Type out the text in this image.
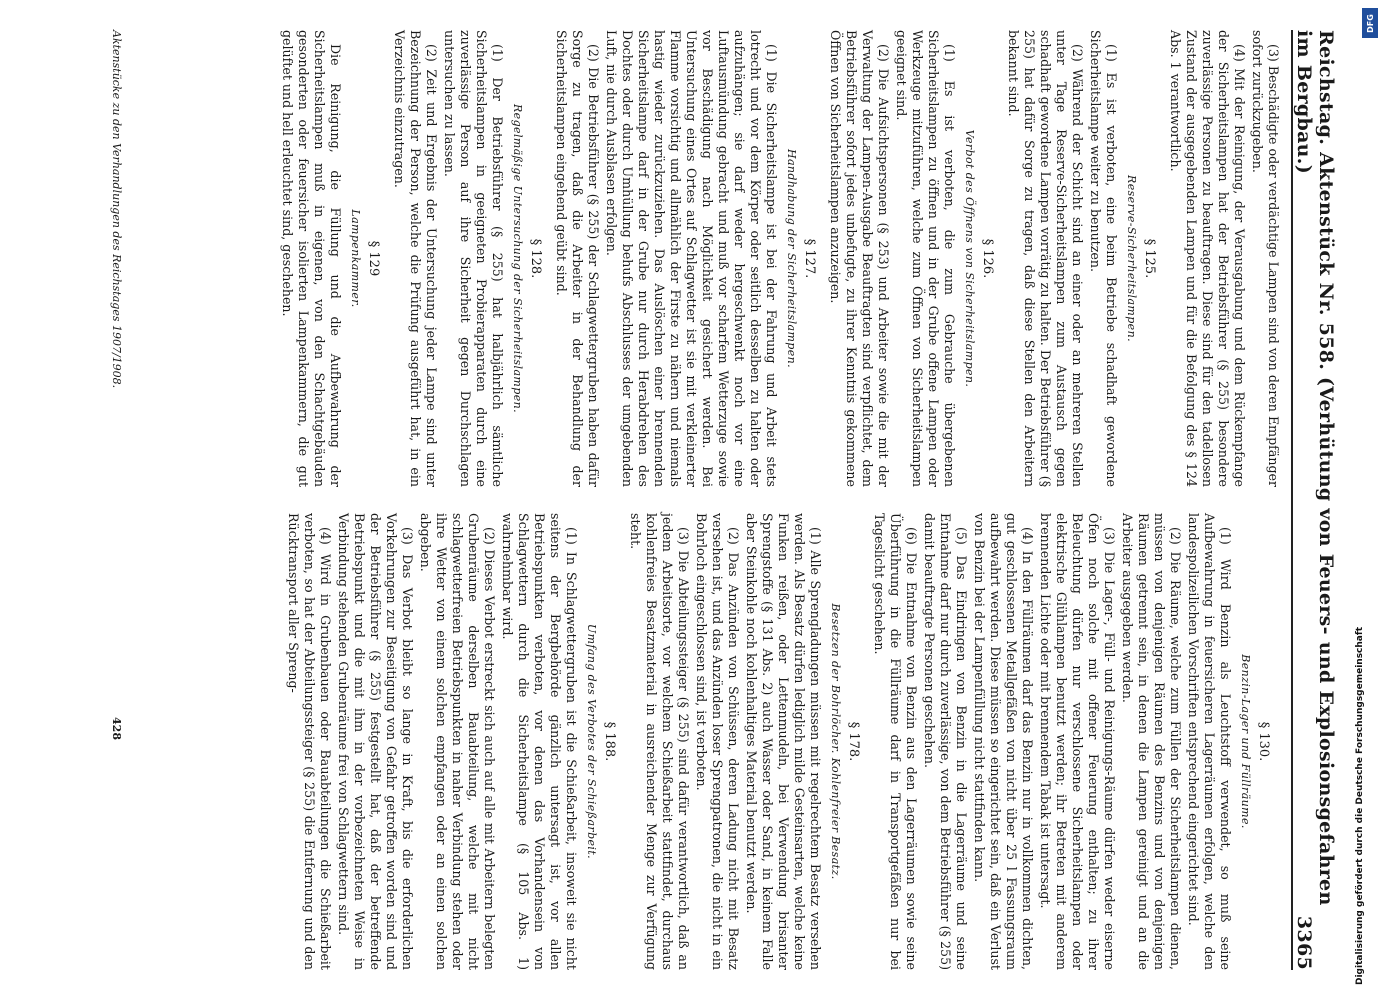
Reichstag. Aktenstück Nr. 558. (Verhütung von Feuers- und Explosionsgefahren im Bergbau.)
3365

(3) Beschädigte oder verdächtige Lampen sind von deren Empfänger sofort zurückzugeben.

(4) Mit der Reinigung, der Verausgabung und dem Rückempfange der Sicherheitslampen hat der Betriebsführer (§ 255) besondere zuverlässige Personen zu beauftragen. Diese sind für den tadellosen Zustand der ausgegebenden Lampen und für die Befolgung des § 124 Abs. 1 verantwortlich.

§ 125.
Reserve-Sicherheitslampen.

(1) Es ist verboten, eine beim Betriebe schadhaft gewordene Sicherheitslampe weiter zu benutzen.

(2) Während der Schicht sind an einer oder an mehreren Stellen unter Tage Reserve-Sicherheitslampen zum Austausch gegen schadhaft gewordene Lampen vorrätig zu halten. Der Betriebsführer (§ 255) hat dafür Sorge zu tragen, daß diese Stellen den Arbeitern bekannt sind.

§ 126.
Verbot des Öffnens von Sicherheitslampen.

(1) Es ist verboten, die zum Gebrauche übergebenen Sicherheitslampen zu öffnen und in der Grube offene Lampen oder Werkzeuge mitzuführen, welche zum Öffnen von Sicherheitslampen geeignet sind.

(2) Die Aufsichtspersonen (§ 253) und Arbeiter sowie die mit der Verwaltung der Lampen-Ausgabe Beauftragten sind verpflichtet, dem Betriebsführer sofort jedes unbefugte, zu ihrer Kenntnis gekommene Öffnen von Sicherheitslampen anzuzeigen.

§ 127.
Handhabung der Sicherheitslampen.

(1) Die Sicherheitslampe ist bei der Fahrung und Arbeit stets lotrecht und vor dem Körper oder seitlich desselben zu halten oder aufzuhängen; sie darf weder hergeschwenkt noch vor eine Luftausmündung gebracht und muß vor scharfem Wetterzuge sowie vor Beschädigung nach Möglichkeit gesichert werden. Bei Untersuchung eines Ortes auf Schlagwetter ist sie mit verkleinerter Flamme vorsichtig und allmählich der Firste zu nähern und niemals hastig wieder zurückzuziehen. Das Auslöschen einer brennenden Sicherheitslampe darf in der Grube nur durch Herabdrehen des Dochtes oder durch Umhüllung behufs Abschlusses der umgebenden Luft, nie durch Ausblasen erfolgen.

(2) Die Betriebsführer (§ 255) der Schlagwettergruben haben dafür Sorge zu tragen, daß die Arbeiter in der Behandlung der Sicherheitslampen eingehend geübt sind.

§ 128.
Regelmäßige Untersuchung der Sicherheitslampen.

(1) Der Betriebsführer (§ 255) hat halbjährlich sämtliche Sicherheitslampen in geeigneten Probierapparaten durch eine zuverlässige Person auf ihre Sicherheit gegen Durchschlagen untersuchen zu lassen.

(2) Zeit und Ergebnis der Untersuchung jeder Lampe sind unter Bezeichnung der Person, welche die Prüfung ausgeführt hat, in ein Verzeichnis einzutragen.

§ 129
Lampenkammer.

Die Reinigung, die Füllung und die Aufbewahrung der Sicherheitslampen muß in eigenen, von den Schachtgebäuden gesonderten oder feuersicher isolierten Lampenkammern, die gut gelüftet und hell erleuchtet sind, geschehen.

§ 130.
Benzin-Lager und Füllräume.

(1) Wird Benzin als Leuchtstoff verwendet, so muß seine Aufbewahrung in feuersicheren Lagerräumen erfolgen, welche den landespolizeilichen Vorschriften entsprechend eingerichtet sind.

(2) Die Räume, welche zum Füllen der Sicherheitslampen dienen, müssen von denjenigen Räumen des Benzins und von denjenigen Räumen getrennt sein, in denen die Lampen gereinigt und an die Arbeiter ausgegeben werden.

(3) Die Lager-, Füll- und Reinigungs-Räume dürfen weder eiserne Öfen noch solche mit offener Feuerung enthalten; zu ihrer Beleuchtung dürfen nur verschlossene Sicherheitslampen oder elektrische Glühlampen benutzt werden; ihr Betreten mit anderem brennenden Lichte oder mit brennendem Tabak ist untersagt.

(4) In den Füllräumen darf das Benzin nur in vollkommen dichten, gut geschlossenen Metallgefäßen von nicht über 25 l Fassungsraum aufbewahrt werden. Diese müssen so eingerichtet sein, daß ein Verlust von Benzin bei der Lampenfüllung nicht stattfinden kann.

(5) Das Eindringen von Benzin in die Lagerräume und seine Entnahme darf nur durch zuverlässige, von dem Betriebsführer (§ 255) damit beauftragte Personen geschehen.

(6) Die Entnahme von Benzin aus den Lagerräumen sowie seine Überführung in die Füllräume darf in Transportgefäßen nur bei Tageslicht geschehen.

§ 178.
Besetzen der Bohrlöcher. Kohlenfreier Besatz.

(1) Alle Sprengladungen müssen mit regelrechtem Besatz versehen werden. Als Besatz dürfen lediglich milde Gesteinsarten, welche keine Funken reißen, oder Lettenmudeln, bei Verwendung brisanter Sprengstoffe (§ 131 Abs. 2) auch Wasser oder Sand, in keinem Falle aber Steinkohle noch kohlenhaltiges Material benutzt werden.

(2) Das Anzünden von Schüssen, deren Ladung nicht mit Besatz versehen ist, und das Anzünden loser Sprengpatronen, die nicht in ein Bohrloch eingeschlossen sind, ist verboten.

(3) Die Abteilungssteiger (§ 255) sind dafür verantwortlich, daß an jedem Arbeitsorte, vor welchem Schießarbeit stattfindet, durchaus kohlenfreies Besatzmaterial in ausreichender Menge zur Verfügung steht.

§ 188.
Umfang des Verbotes der Schießarbeit.

(1) In Schlagwettergruben ist die Schießarbeit, insoweit sie nicht seitens der Bergbehörde gänzlich untersagt ist, vor allen Betriebspunkten verboten, vor denen das Vorhandensein von Schlagwettern durch die Sicherheitslampe (§ 105 Abs. 1) wahrnehmbar wird.

(2) Dieses Verbot erstreckt sich auch auf alle mit Arbeitern belegten Grubenräume derselben Bauabteilung, welche mit nicht schlagwetterfreien Betriebspunkten in naher Verbindung stehen oder ihre Wetter von einem solchen empfangen oder an einen solchen abgeben.

(3) Das Verbot bleibt so lange in Kraft, bis die erforderlichen Vorkehrungen zur Beseitigung von Gefahr getroffen worden sind und der Betriebsführer (§ 255) festgestellt hat, daß der betreffende Betriebspunkt und die mit ihm in der vorbezeichneten Weise in Verbindung stehenden Grubenräume frei von Schlagwettern sind.

(4) Wird in Grubenbauen oder Bauabteilungen die Schießarbeit verboten, so hat der Abteilungssteiger (§ 255) die Entfernung und den Rücktransport aller Spreng-

Aktenstücke zu den Verhandlungen des Reichstages 1907/1908.
428	Digitalisierung gefördert durch die Deutsche Forschungsgemeinschaft
DFG
